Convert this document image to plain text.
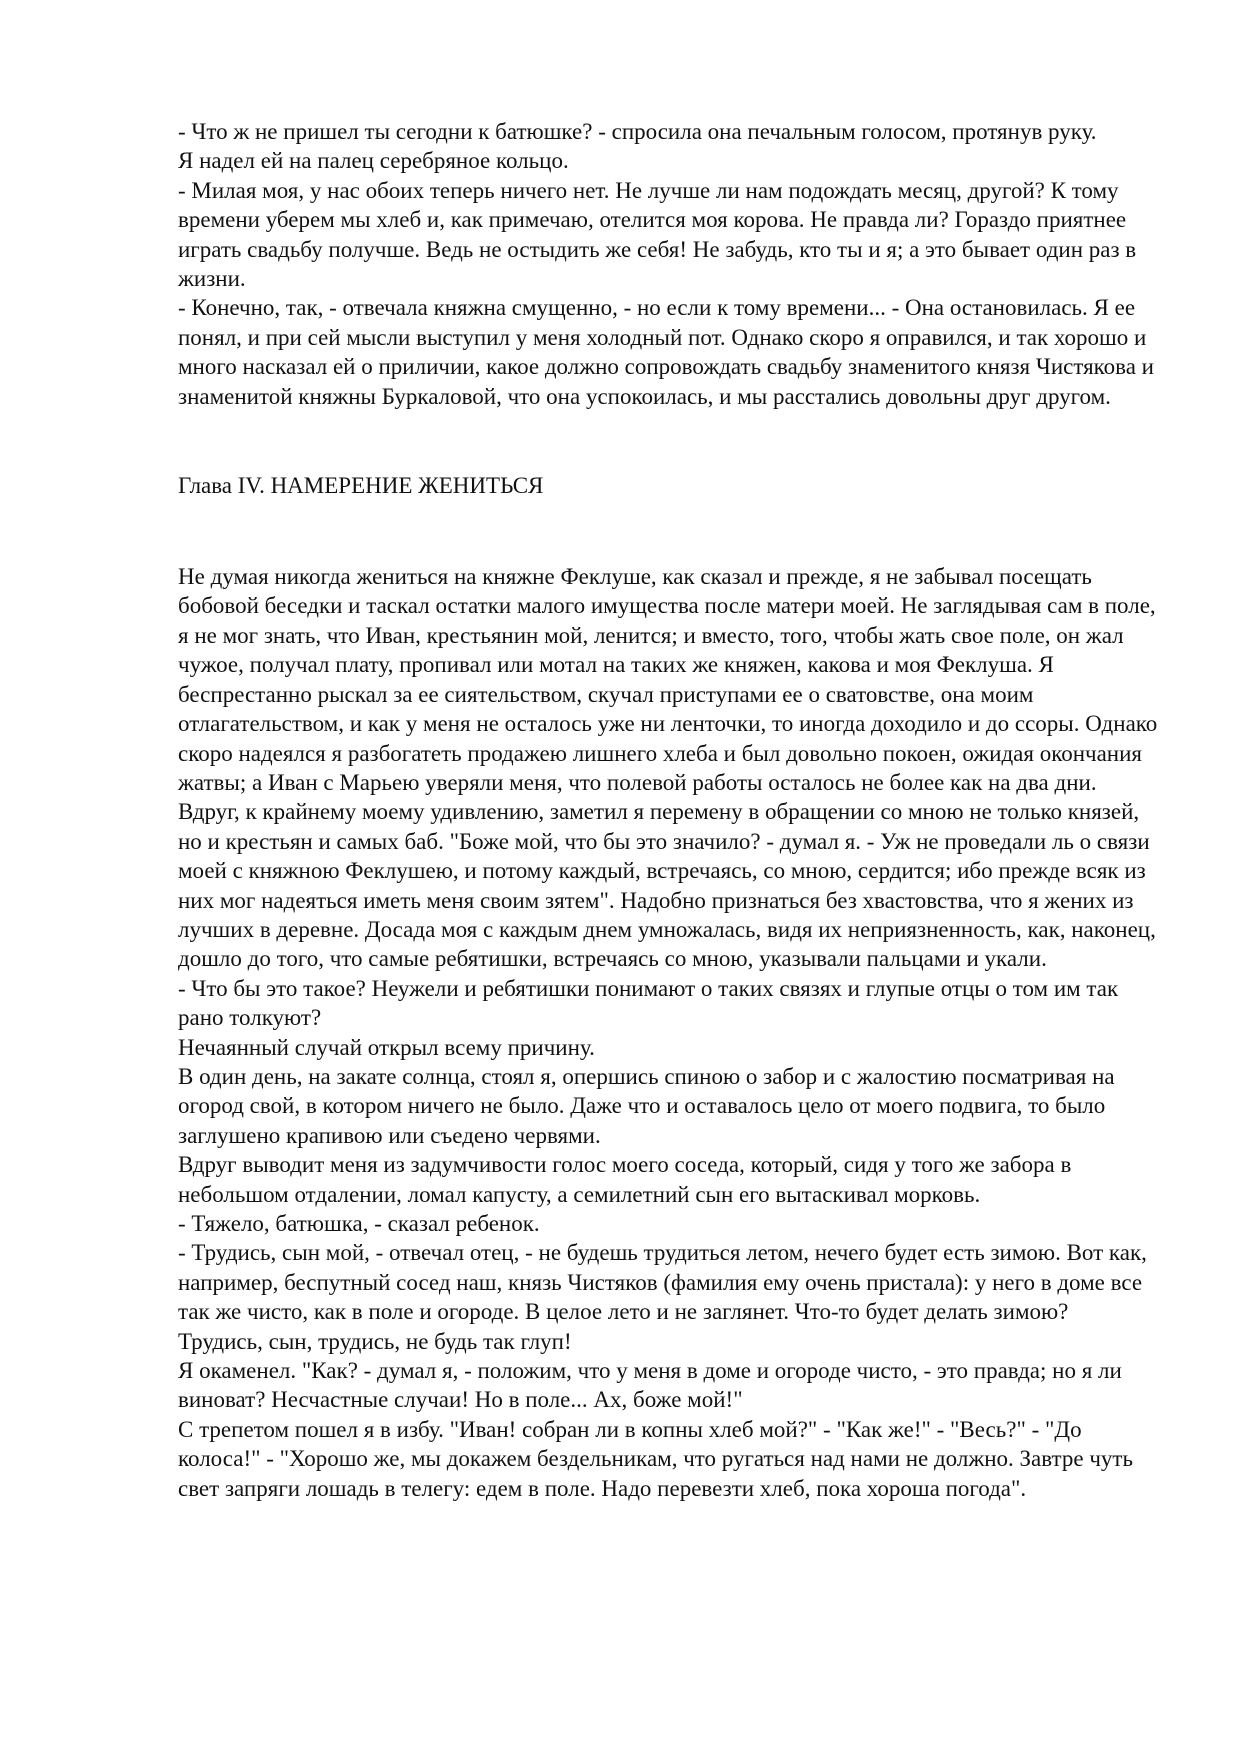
- Что ж не пришел ты сегодни к батюшке? - спросила она печальным голосом, протянув руку.

Я надел ей на палец серебряное кольцо.

- Милая моя, у нас обоих теперь ничего нет. Не лучше ли нам подождать месяц, другой? К тому времени уберем мы хлеб и, как примечаю, отелится моя корова. Не правда ли? Гораздо приятнее играть свадьбу получше. Ведь не остыдить же себя! Не забудь, кто ты и я; а это бывает один раз в жизни.

- Конечно, так, - отвечала княжна смущенно, - но если к тому времени... - Она остановилась. Я ее понял, и при сей мысли выступил у меня холодный пот. Однако скоро я оправился, и так хорошо и много насказал ей о приличии, какое должно сопровождать свадьбу знаменитого князя Чистякова и знаменитой княжны Буркаловой, что она успокоилась, и мы расстались довольны друг другом.

Глава IV. НАМЕРЕНИЕ ЖЕНИТЬСЯ

Не думая никогда жениться на княжне Феклуше, как сказал и прежде, я не забывал посещать бобовой беседки и таскал остатки малого имущества после матери моей. Не заглядывая сам в поле, я не мог знать, что Иван, крестьянин мой, ленится; и вместо, того, чтобы жать свое поле, он жал чужое, получал плату, пропивал или мотал на таких же княжен, какова и моя Феклуша. Я беспрестанно рыскал за ее сиятельством, скучал приступами ее о сватовстве, она моим отлагательством, и как у меня не осталось уже ни ленточки, то иногда доходило и до ссоры. Однако скоро надеялся я разбогатеть продажею лишнего хлеба и был довольно покоен, ожидая окончания жатвы; а Иван с Марьею уверяли меня, что полевой работы осталось не более как на два дни. Вдруг, к крайнему моему удивлению, заметил я перемену в обращении со мною не только князей, но и крестьян и самых баб. "Боже мой, что бы это значило? - думал я. - Уж не проведали ль о связи моей с княжною Феклушею, и потому каждый, встречаясь, со мною, сердится; ибо прежде всяк из них мог надеяться иметь меня своим зятем". Надобно признаться без хвастовства, что я жених из лучших в деревне. Досада моя с каждым днем умножалась, видя их неприязненность, как, наконец, дошло до того, что самые ребятишки, встречаясь со мною, указывали пальцами и укали.

- Что бы это такое? Неужели и ребятишки понимают о таких связях и глупые отцы о том им так рано толкуют?

Нечаянный случай открыл всему причину.

В один день, на закате солнца, стоял я, опершись спиною о забор и с жалостию посматривая на огород свой, в котором ничего не было. Даже что и оставалось цело от моего подвига, то было заглушено крапивою или съедено червями.

Вдруг выводит меня из задумчивости голос моего соседа, который, сидя у того же забора в небольшом отдалении, ломал капусту, а семилетний сын его вытаскивал морковь.

- Тяжело, батюшка, - сказал ребенок.

- Трудись, сын мой, - отвечал отец, - не будешь трудиться летом, нечего будет есть зимою. Вот как, например, беспутный сосед наш, князь Чистяков (фамилия ему очень пристала): у него в доме все так же чисто, как в поле и огороде. В целое лето и не заглянет. Что-то будет делать зимою? Трудись, сын, трудись, не будь так глуп!

Я окаменел. "Как? - думал я, - положим, что у меня в доме и огороде чисто, - это правда; но я ли виноват? Несчастные случаи! Но в поле... Ах, боже мой!"

С трепетом пошел я в избу. "Иван! собран ли в копны хлеб мой?" - "Как же!" - "Весь?" - "До колоса!" - "Хорошо же, мы докажем бездельникам, что ругаться над нами не должно. Завтре чуть свет запряги лошадь в телегу: едем в поле. Надо перевезти хлеб, пока хороша погода".
